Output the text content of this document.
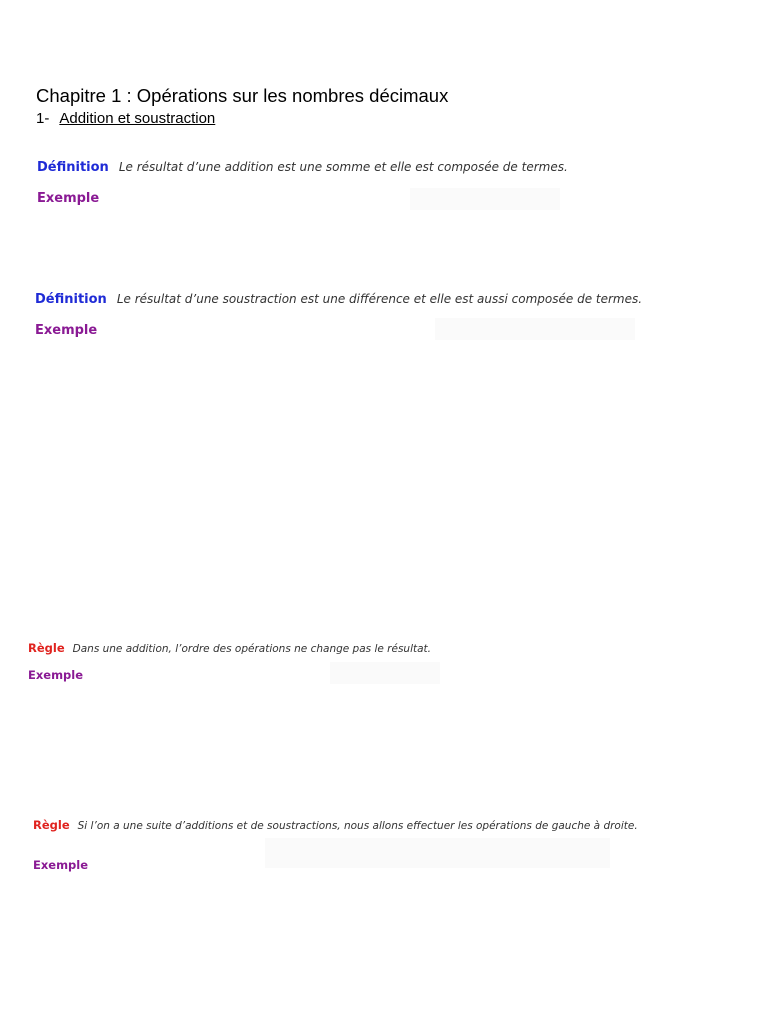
Chapitre 1 : Opérations sur les nombres décimaux
1- Addition et soustraction
Définition Le résultat d’une addition est une somme et elle est composée de termes.
Exemple
Définition Le résultat d’une soustraction est une différence et elle est aussi composée de termes.
Exemple
Règle Dans une addition, l’ordre des opérations ne change pas le résultat.
Exemple
Règle Si l’on a une suite d’additions et de soustractions, nous allons effectuer les opérations de gauche à droite.
Exemple
